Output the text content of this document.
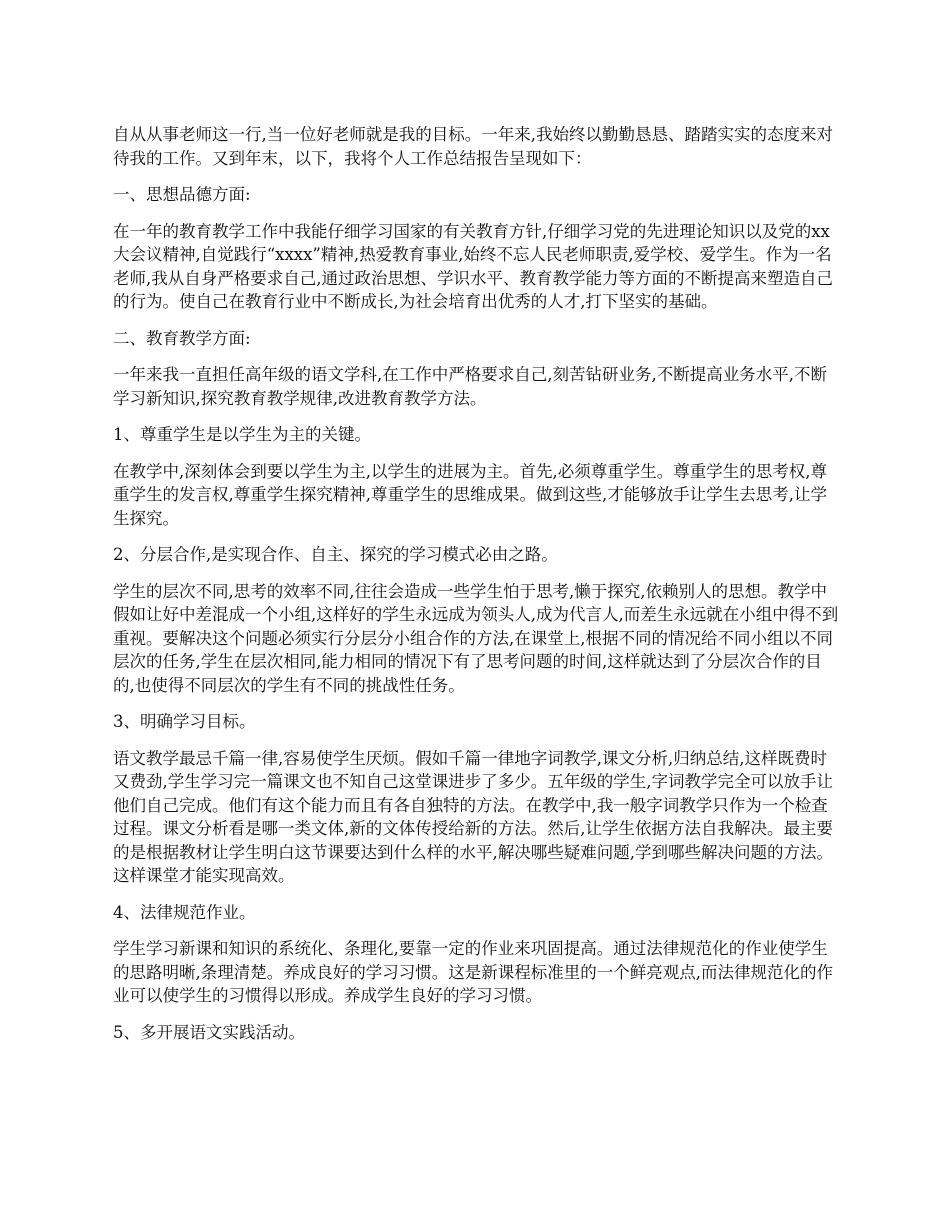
自从从事老师这一行,当一位好老师就是我的目标。一年来,我始终以勤勤恳恳、踏踏实实的态度来对待我的工作。又到年末，以下，我将个人工作总结报告呈现如下：

一、思想品德方面:

在一年的教育教学工作中我能仔细学习国家的有关教育方针,仔细学习党的先进理论知识以及党的xx大会议精神,自觉践行“xxxx”精神,热爱教育事业,始终不忘人民老师职责,爱学校、爱学生。作为一名老师,我从自身严格要求自己,通过政治思想、学识水平、教育教学能力等方面的不断提高来塑造自己的行为。使自己在教育行业中不断成长,为社会培育出优秀的人才,打下坚实的基础。

二、教育教学方面:

一年来我一直担任高年级的语文学科,在工作中严格要求自己,刻苦钻研业务,不断提高业务水平,不断学习新知识,探究教育教学规律,改进教育教学方法。

1、尊重学生是以学生为主的关键。

在教学中,深刻体会到要以学生为主,以学生的进展为主。首先,必须尊重学生。尊重学生的思考权,尊重学生的发言权,尊重学生探究精神,尊重学生的思维成果。做到这些,才能够放手让学生去思考,让学生探究。

2、分层合作,是实现合作、自主、探究的学习模式必由之路。

学生的层次不同,思考的效率不同,往往会造成一些学生怕于思考,懒于探究,依赖别人的思想。教学中假如让好中差混成一个小组,这样好的学生永远成为领头人,成为代言人,而差生永远就在小组中得不到重视。要解决这个问题必须实行分层分小组合作的方法,在课堂上,根据不同的情况给不同小组以不同层次的任务,学生在层次相同,能力相同的情况下有了思考问题的时间,这样就达到了分层次合作的目的,也使得不同层次的学生有不同的挑战性任务。

3、明确学习目标。

语文教学最忌千篇一律,容易使学生厌烦。假如千篇一律地字词教学,课文分析,归纳总结,这样既费时又费劲,学生学习完一篇课文也不知自己这堂课进步了多少。五年级的学生,字词教学完全可以放手让他们自己完成。他们有这个能力而且有各自独特的方法。在教学中,我一般字词教学只作为一个检查过程。课文分析看是哪一类文体,新的文体传授给新的方法。然后,让学生依据方法自我解决。最主要的是根据教材让学生明白这节课要达到什么样的水平,解决哪些疑难问题,学到哪些解决问题的方法。这样课堂才能实现高效。

4、法律规范作业。

学生学习新课和知识的系统化、条理化,要靠一定的作业来巩固提高。通过法律规范化的作业使学生的思路明晰,条理清楚。养成良好的学习习惯。这是新课程标准里的一个鲜亮观点,而法律规范化的作业可以使学生的习惯得以形成。养成学生良好的学习习惯。

5、多开展语文实践活动。
